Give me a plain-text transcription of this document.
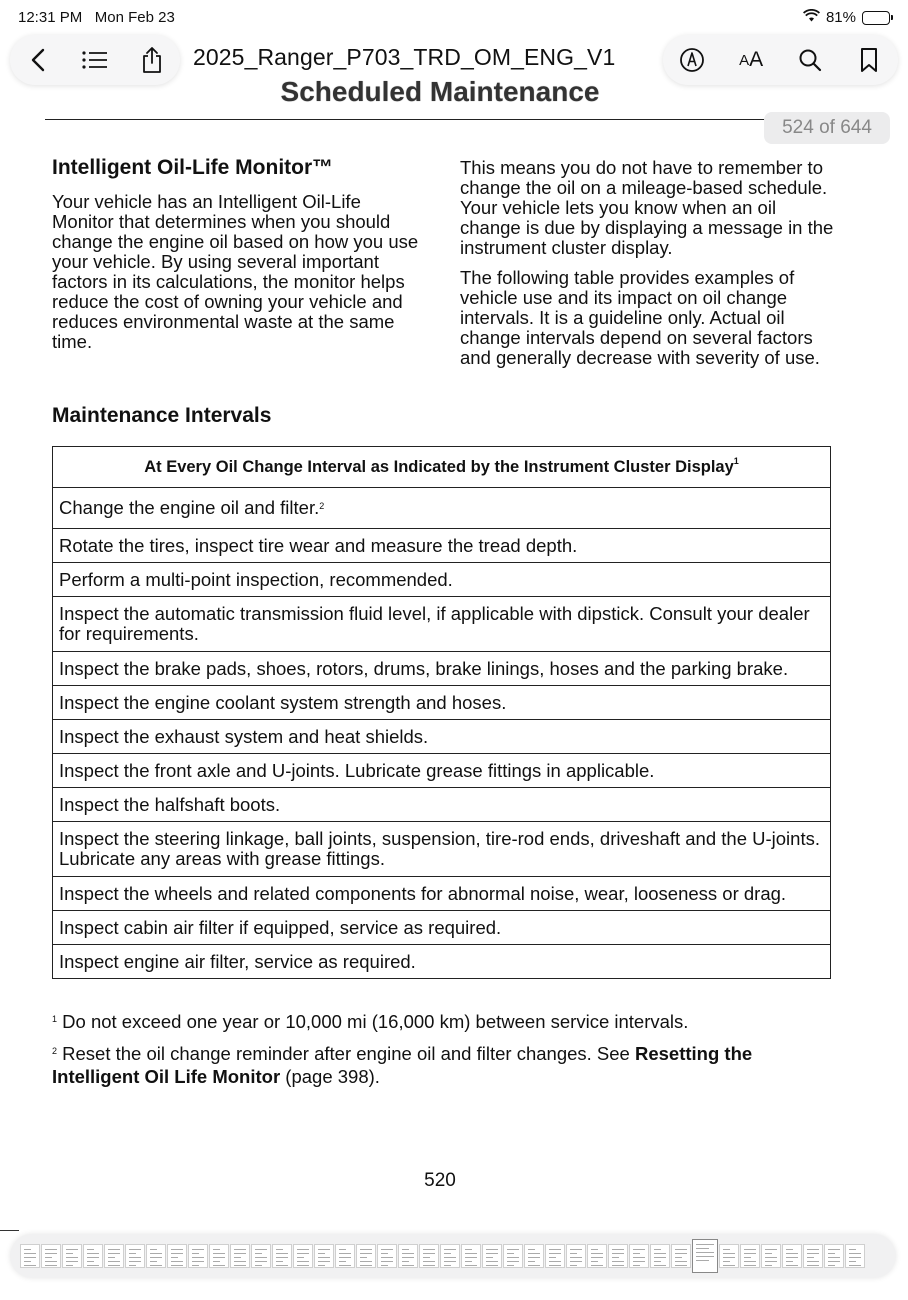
12:31 PM Mon Feb 23	81%
2025_Ranger_P703_TRD_OM_ENG_V1	A A
Scheduled Maintenance
524 of 644
Intelligent Oil-Life Monitor™

Your vehicle has an Intelligent Oil-Life Monitor that determines when you should change the engine oil based on how you use your vehicle. By using several important factors in its calculations, the monitor helps reduce the cost of owning your vehicle and reduces environmental waste at the same time.

This means you do not have to remember to change the oil on a mileage-based schedule. Your vehicle lets you know when an oil change is due by displaying a message in the instrument cluster display.

The following table provides examples of vehicle use and its impact on oil change intervals. It is a guideline only. Actual oil change intervals depend on several factors and generally decrease with severity of use.

Maintenance Intervals
At Every Oil Change Interval as Indicated by the Instrument Cluster Display$^1$
Change the engine oil and filter.$^2$
Rotate the tires, inspect tire wear and measure the tread depth.
Perform a multi-point inspection, recommended.
Inspect the automatic transmission fluid level, if applicable with dipstick. Consult your dealer for requirements.
Inspect the brake pads, shoes, rotors, drums, brake linings, hoses and the parking brake.
Inspect the engine coolant system strength and hoses.
Inspect the exhaust system and heat shields.
Inspect the front axle and U-joints. Lubricate grease fittings in applicable.
Inspect the halfshaft boots.
Inspect the steering linkage, ball joints, suspension, tire-rod ends, driveshaft and the U-joints. Lubricate any areas with grease fittings.
Inspect the wheels and related components for abnormal noise, wear, looseness or drag.
Inspect cabin air filter if equipped, service as required.
Inspect engine air filter, service as required.
$^1$ Do not exceed one year or 10,000 mi (16,000 km) between service intervals.
$^2$ Reset the oil change reminder after engine oil and filter changes. See Resetting the Intelligent Oil Life Monitor (page 398).
520
